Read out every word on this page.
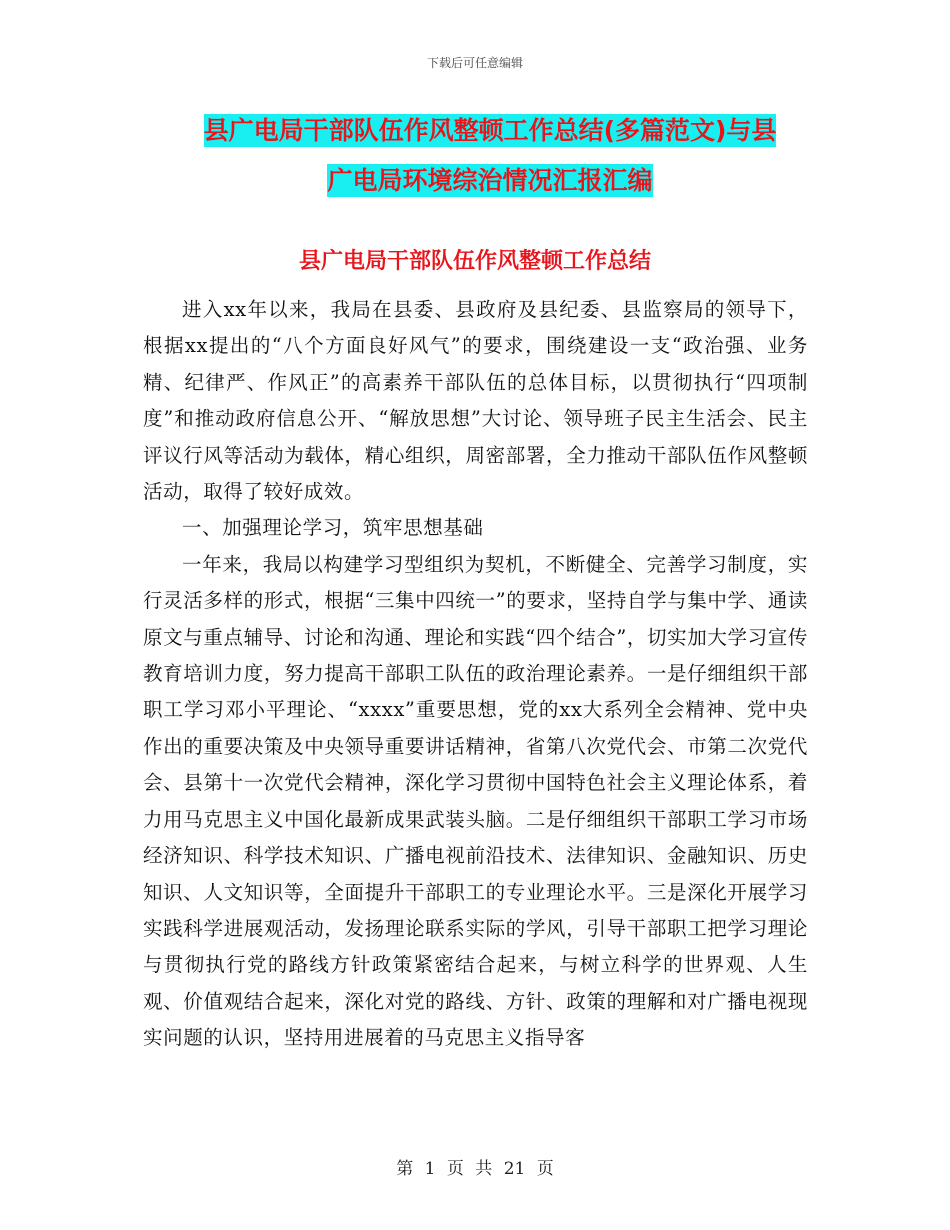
下载后可任意编辑
县广电局干部队伍作风整顿工作总结(多篇范文)与县
广电局环境综治情况汇报汇编
县广电局干部队伍作风整顿工作总结

进入xx年以来，我局在县委、县政府及县纪委、县监察局的领导下，根据xx提出的“八个方面良好风气”的要求，围绕建设一支“政治强、业务精、纪律严、作风正”的高素养干部队伍的总体目标，以贯彻执行“四项制度”和推动政府信息公开、“解放思想”大讨论、领导班子民主生活会、民主评议行风等活动为载体，精心组织，周密部署，全力推动干部队伍作风整顿活动，取得了较好成效。

一、加强理论学习，筑牢思想基础

一年来，我局以构建学习型组织为契机，不断健全、完善学习制度，实行灵活多样的形式，根据“三集中四统一”的要求，坚持自学与集中学、通读原文与重点辅导、讨论和沟通、理论和实践“四个结合”，切实加大学习宣传教育培训力度，努力提高干部职工队伍的政治理论素养。一是仔细组织干部职工学习邓小平理论、“xxxx”重要思想，党的xx大系列全会精神、党中央作出的重要决策及中央领导重要讲话精神，省第八次党代会、市第二次党代会、县第十一次党代会精神，深化学习贯彻中国特色社会主义理论体系，着力用马克思主义中国化最新成果武装头脑。二是仔细组织干部职工学习市场经济知识、科学技术知识、广播电视前沿技术、法律知识、金融知识、历史知识、人文知识等，全面提升干部职工的专业理论水平。三是深化开展学习实践科学进展观活动，发扬理论联系实际的学风，引导干部职工把学习理论与贯彻执行党的路线方针政策紧密结合起来，与树立科学的世界观、人生观、价值观结合起来，深化对党的路线、方针、政策的理解和对广播电视现实问题的认识，坚持用进展着的马克思主义指导客

第 1 页 共 21 页
